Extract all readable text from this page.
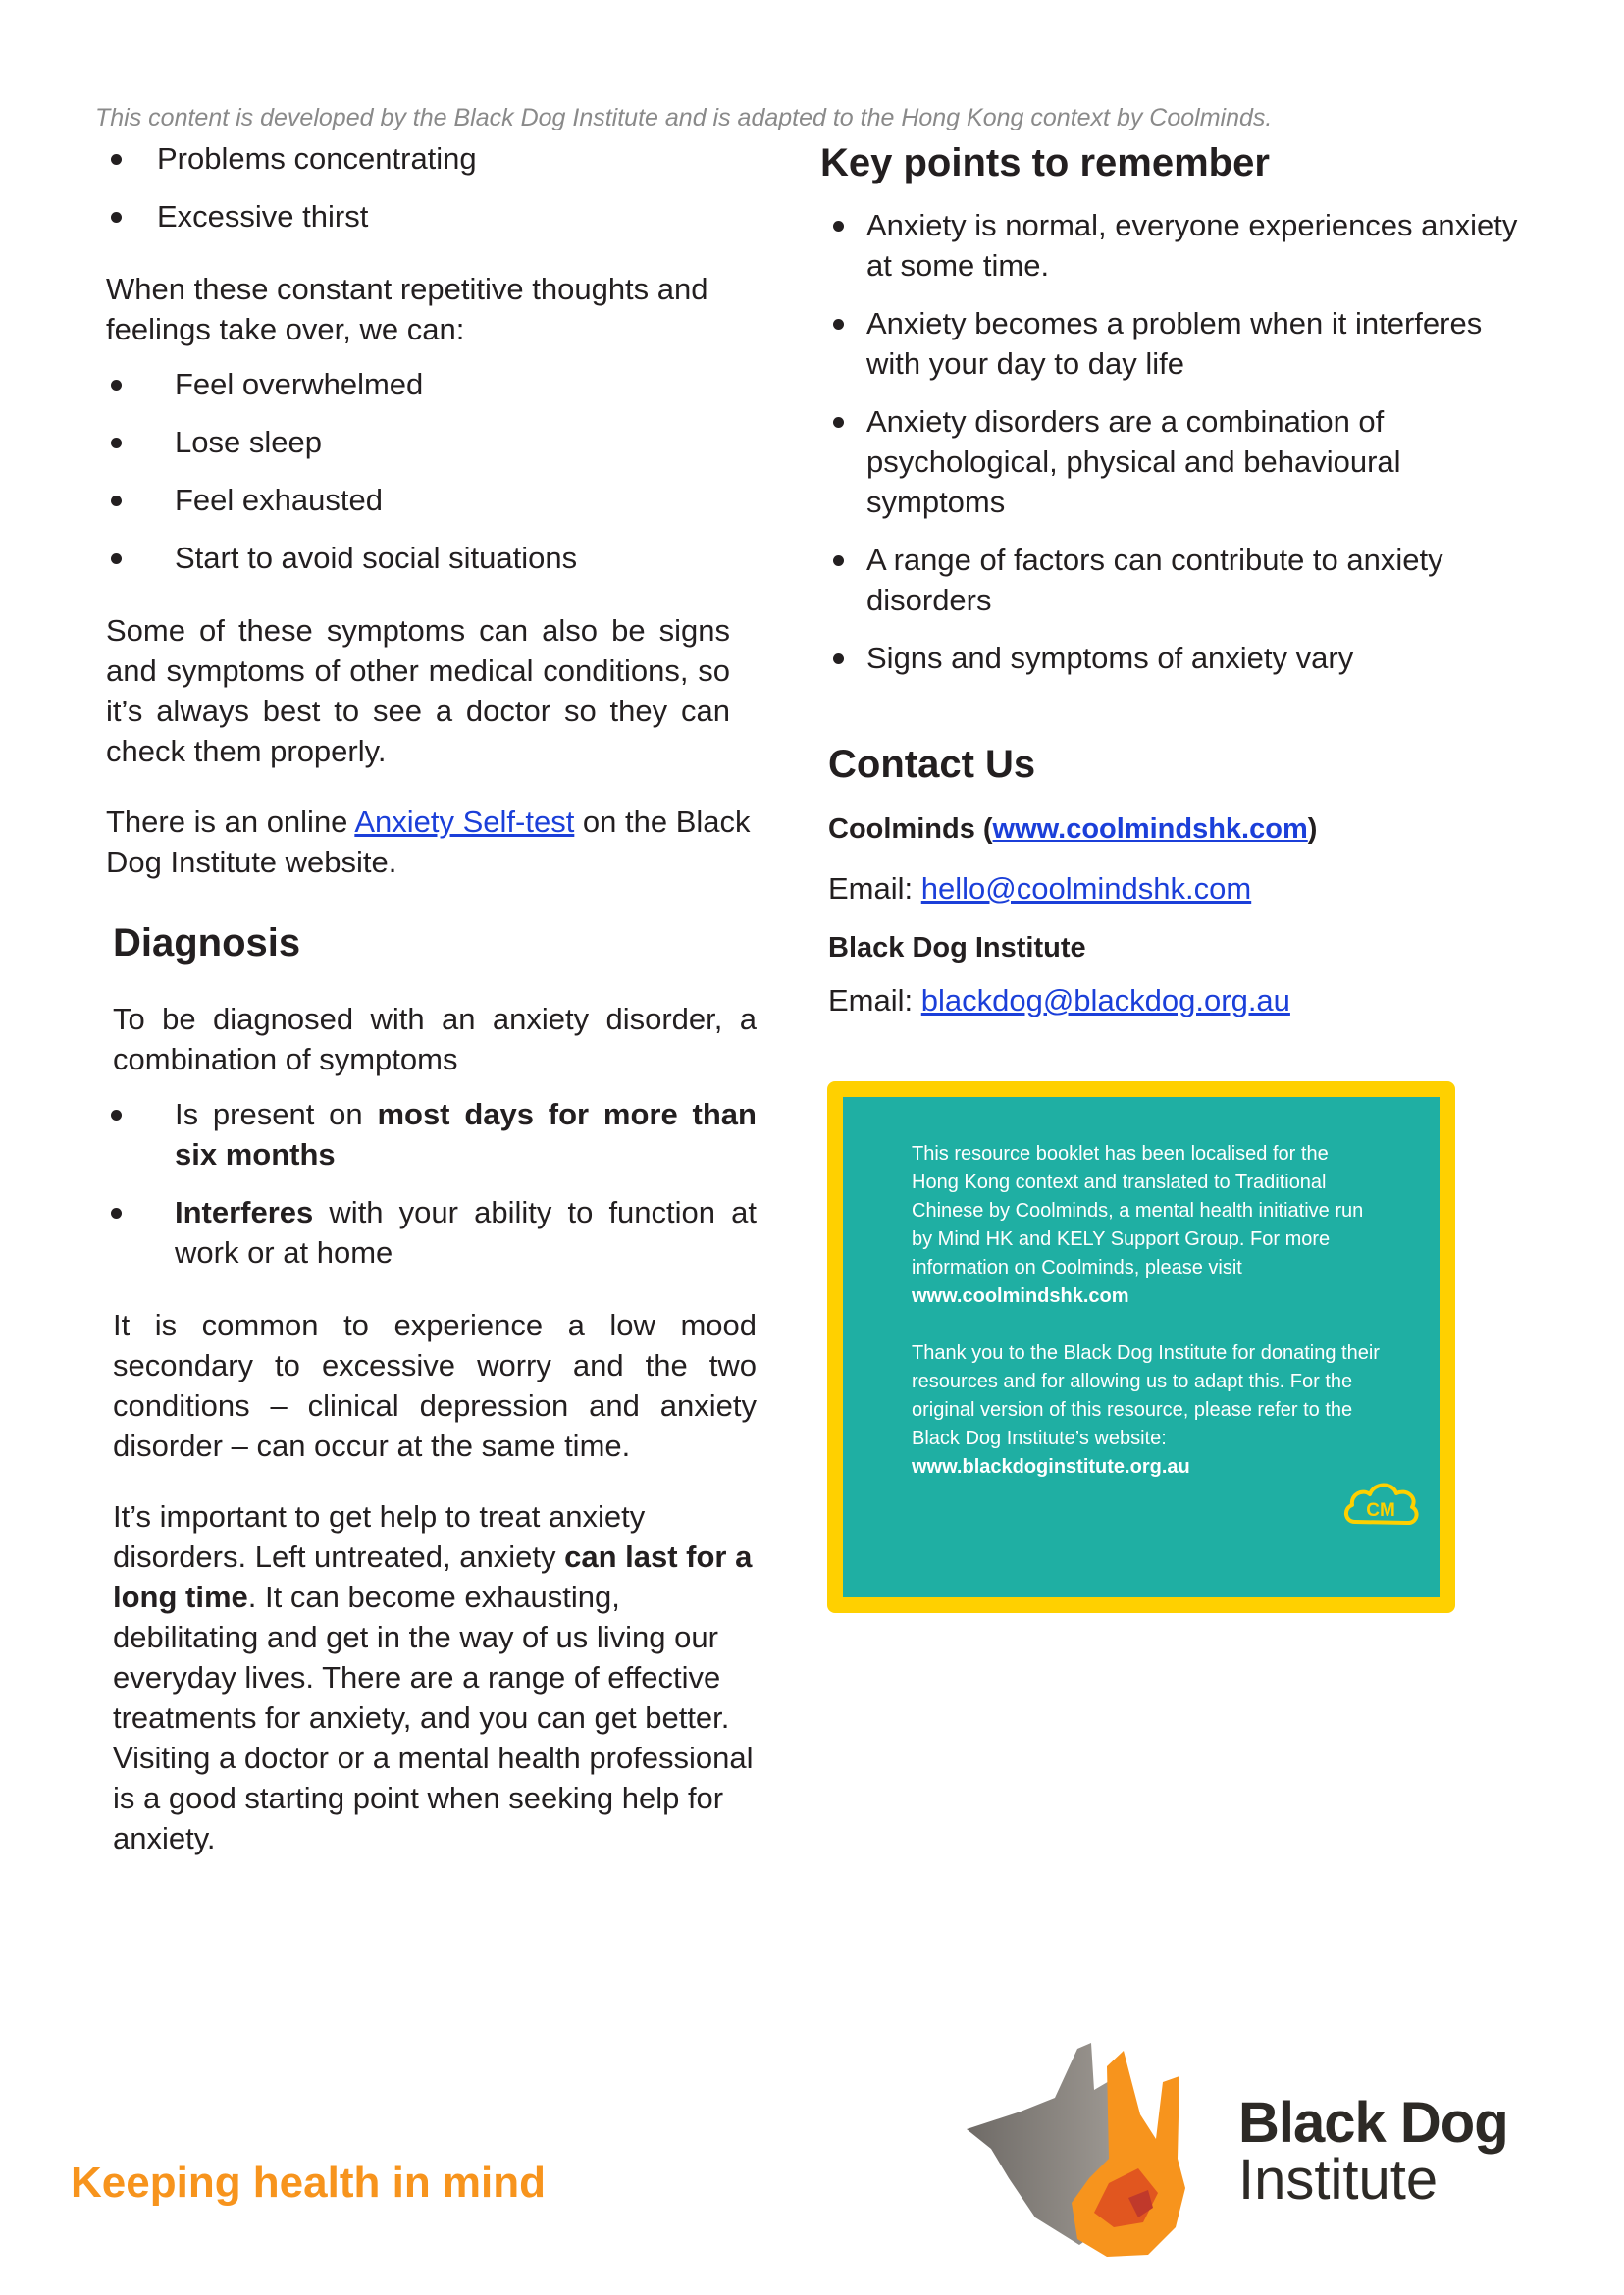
This content is developed by the Black Dog Institute and is adapted to the Hong Kong context by Coolminds.
Problems concentrating
Excessive thirst

When these constant repetitive thoughts and feelings take over, we can:

Feel overwhelmed
Lose sleep
Feel exhausted
Start to avoid social situations

Some of these symptoms can also be signs and symptoms of other medical conditions, so it’s always best to see a doctor so they can check them properly.

There is an online Anxiety Self-test on the Black Dog Institute website.

Diagnosis

To be diagnosed with an anxiety disorder, a combination of symptoms

Is present on most days for more than six months
Interferes with your ability to function at work or at home

It is common to experience a low mood secondary to excessive worry and the two conditions – clinical depression and anxiety disorder – can occur at the same time.

It’s important to get help to treat anxiety disorders. Left untreated, anxiety can last for a long time. It can become exhausting, debilitating and get in the way of us living our everyday lives. There are a range of effective treatments for anxiety, and you can get better. Visiting a doctor or a mental health professional is a good starting point when seeking help for anxiety.

Key points to remember
Anxiety is normal, everyone experiences anxiety at some time.
Anxiety becomes a problem when it interferes with your day to day life
Anxiety disorders are a combination of psychological, physical and behavioural symptoms
A range of factors can contribute to anxiety disorders
Signs and symptoms of anxiety vary
Contact Us

Coolminds (www.coolmindshk.com)

Email: hello@coolmindshk.com

Black Dog Institute

Email: blackdog@blackdog.org.au

This resource booklet has been localised for the Hong Kong context and translated to Traditional Chinese by Coolminds, a mental health initiative run by Mind HK and KELY Support Group. For more information on Coolminds, please visit
www.coolmindshk.com

Thank you to the Black Dog Institute for donating their resources and for allowing us to adapt this. For the original version of this resource, please refer to the Black Dog Institute’s website:
www.blackdoginstitute.org.au

CM
Keeping health in mind
Black Dog
Institute
